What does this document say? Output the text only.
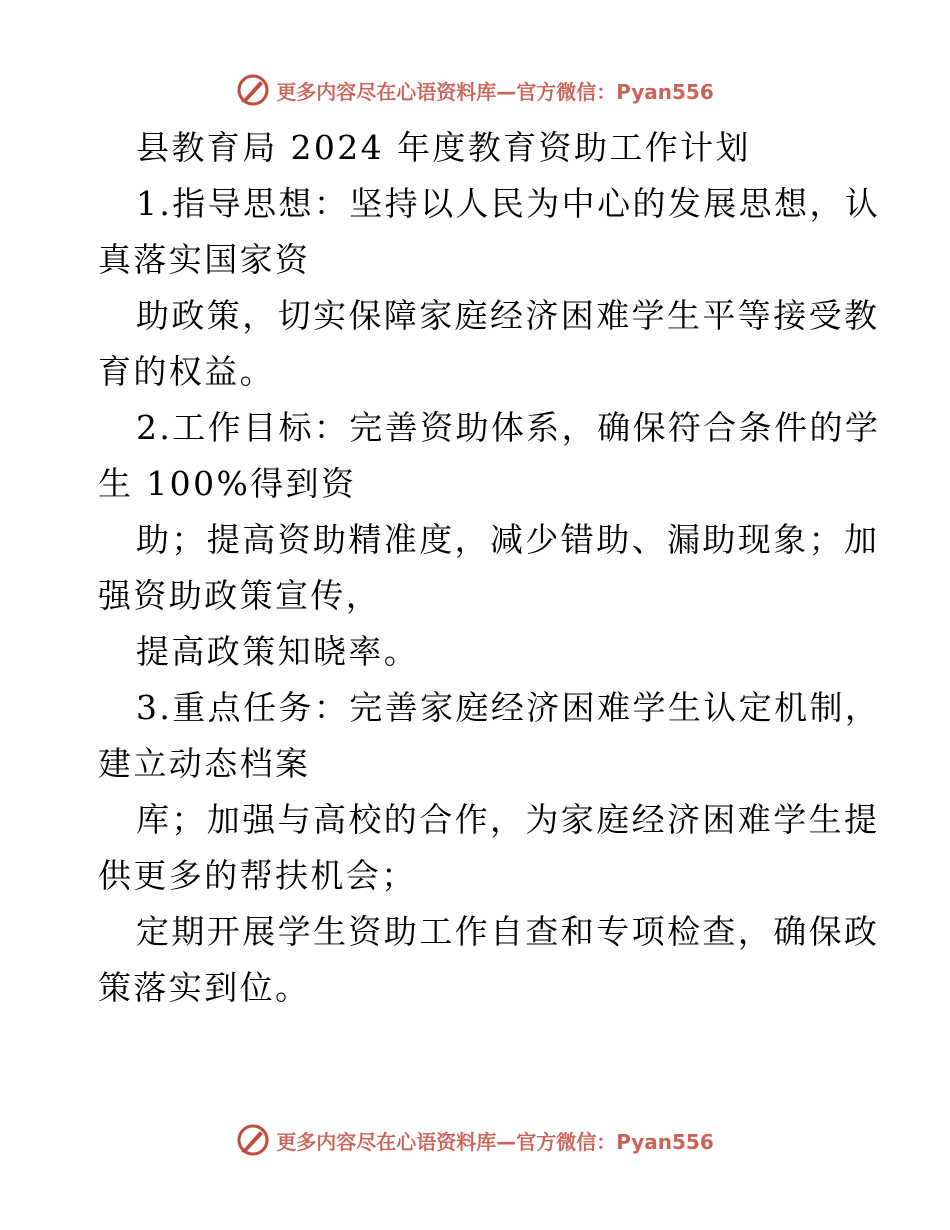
更多内容尽在心语资料库—官方微信：Pyan556

县教育局 2024 年度教育资助工作计划

1.指导思想：坚持以人民为中心的发展思想，认

真落实国家资

助政策，切实保障家庭经济困难学生平等接受教

育的权益。

2.工作目标：完善资助体系，确保符合条件的学

生 100%得到资

助；提高资助精准度，减少错助、漏助现象；加

强资助政策宣传，

提高政策知晓率。

3.重点任务：完善家庭经济困难学生认定机制，

建立动态档案

库；加强与高校的合作，为家庭经济困难学生提

供更多的帮扶机会；

定期开展学生资助工作自查和专项检查，确保政

策落实到位。

更多内容尽在心语资料库—官方微信：Pyan556
